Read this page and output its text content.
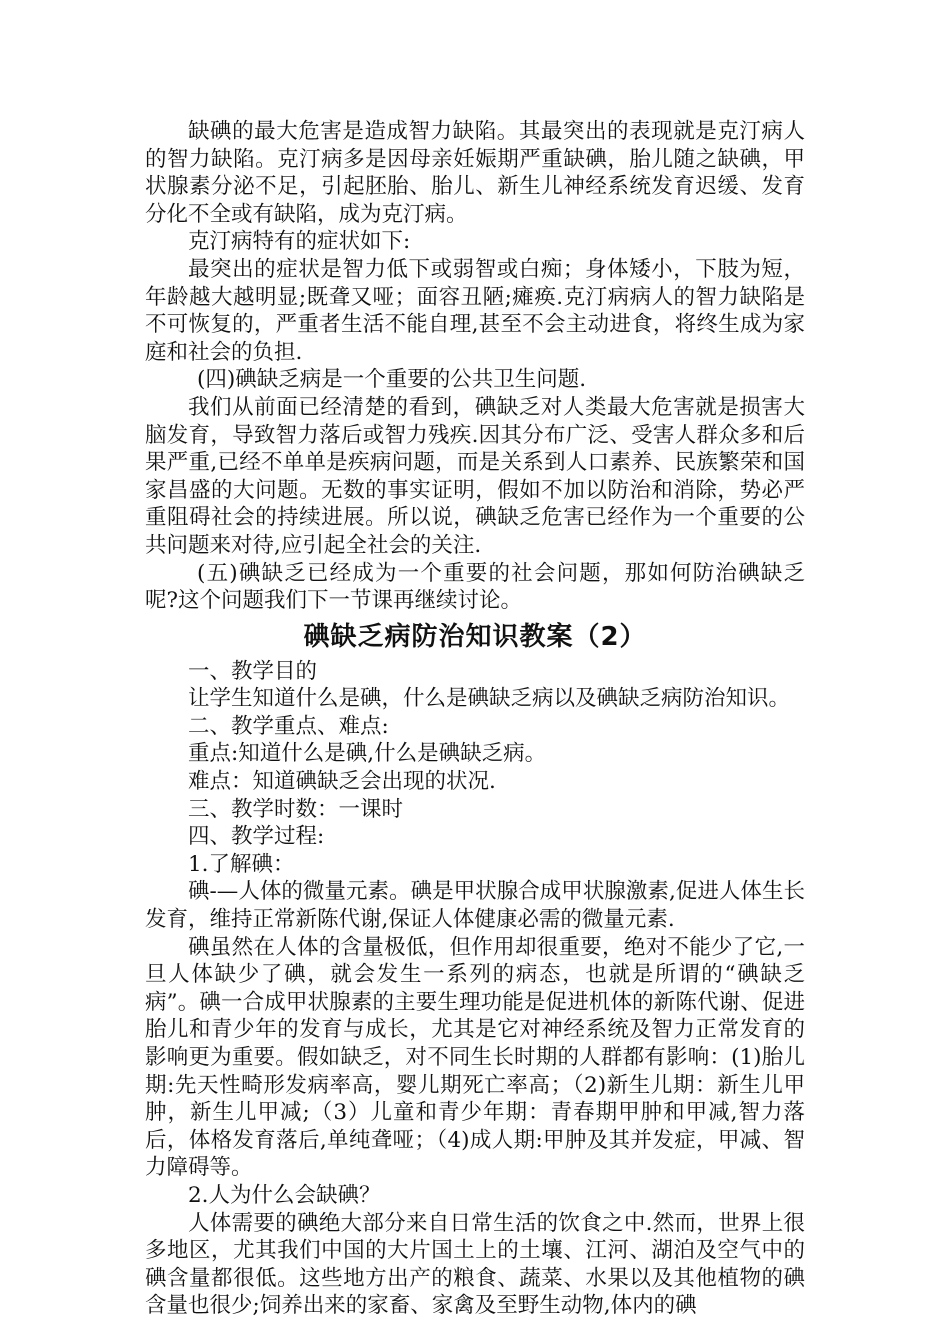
缺碘的最大危害是造成智力缺陷。其最突出的表现就是克汀病人的智力缺陷。克汀病多是因母亲妊娠期严重缺碘，胎儿随之缺碘，甲状腺素分泌不足，引起胚胎、胎儿、新生儿神经系统发育迟缓、发育分化不全或有缺陷，成为克汀病。

克汀病特有的症状如下:

最突出的症状是智力低下或弱智或白痴；身体矮小，下肢为短，年龄越大越明显;既聋又哑；面容丑陋;瘫痪.克汀病病人的智力缺陷是不可恢复的，严重者生活不能自理,甚至不会主动进食，将终生成为家庭和社会的负担.

(四)碘缺乏病是一个重要的公共卫生问题.

我们从前面已经清楚的看到，碘缺乏对人类最大危害就是损害大脑发育，导致智力落后或智力残疾.因其分布广泛、受害人群众多和后果严重,已经不单单是疾病问题，而是关系到人口素养、民族繁荣和国家昌盛的大问题。无数的事实证明，假如不加以防治和消除，势必严重阻碍社会的持续进展。所以说，碘缺乏危害已经作为一个重要的公共问题来对待,应引起全社会的关注.

(五)碘缺乏已经成为一个重要的社会问题，那如何防治碘缺乏呢?这个问题我们下一节课再继续讨论。

碘缺乏病防治知识教案（2）

一、教学目的

让学生知道什么是碘，什么是碘缺乏病以及碘缺乏病防治知识。

二、教学重点、难点:

重点:知道什么是碘,什么是碘缺乏病。

难点：知道碘缺乏会出现的状况.

三、教学时数：一课时

四、教学过程:

1.了解碘：

碘-—人体的微量元素。碘是甲状腺合成甲状腺激素,促进人体生长发育，维持正常新陈代谢,保证人体健康必需的微量元素.

碘虽然在人体的含量极低，但作用却很重要，绝对不能少了它,一旦人体缺少了碘，就会发生一系列的病态，也就是所谓的“碘缺乏病”。碘一合成甲状腺素的主要生理功能是促进机体的新陈代谢、促进胎儿和青少年的发育与成长，尤其是它对神经系统及智力正常发育的影响更为重要。假如缺乏，对不同生长时期的人群都有影响：(1)胎儿期:先天性畸形发病率高，婴儿期死亡率高；（2)新生儿期：新生儿甲肿，新生儿甲减;（3）儿童和青少年期：青春期甲肿和甲减,智力落后，体格发育落后,单纯聋哑；（4)成人期:甲肿及其并发症，甲减、智力障碍等。

2.人为什么会缺碘？

人体需要的碘绝大部分来自日常生活的饮食之中.然而，世界上很多地区，尤其我们中国的大片国土上的土壤、江河、湖泊及空气中的碘含量都很低。这些地方出产的粮食、蔬菜、水果以及其他植物的碘含量也很少;饲养出来的家畜、家禽及至野生动物,体内的碘
